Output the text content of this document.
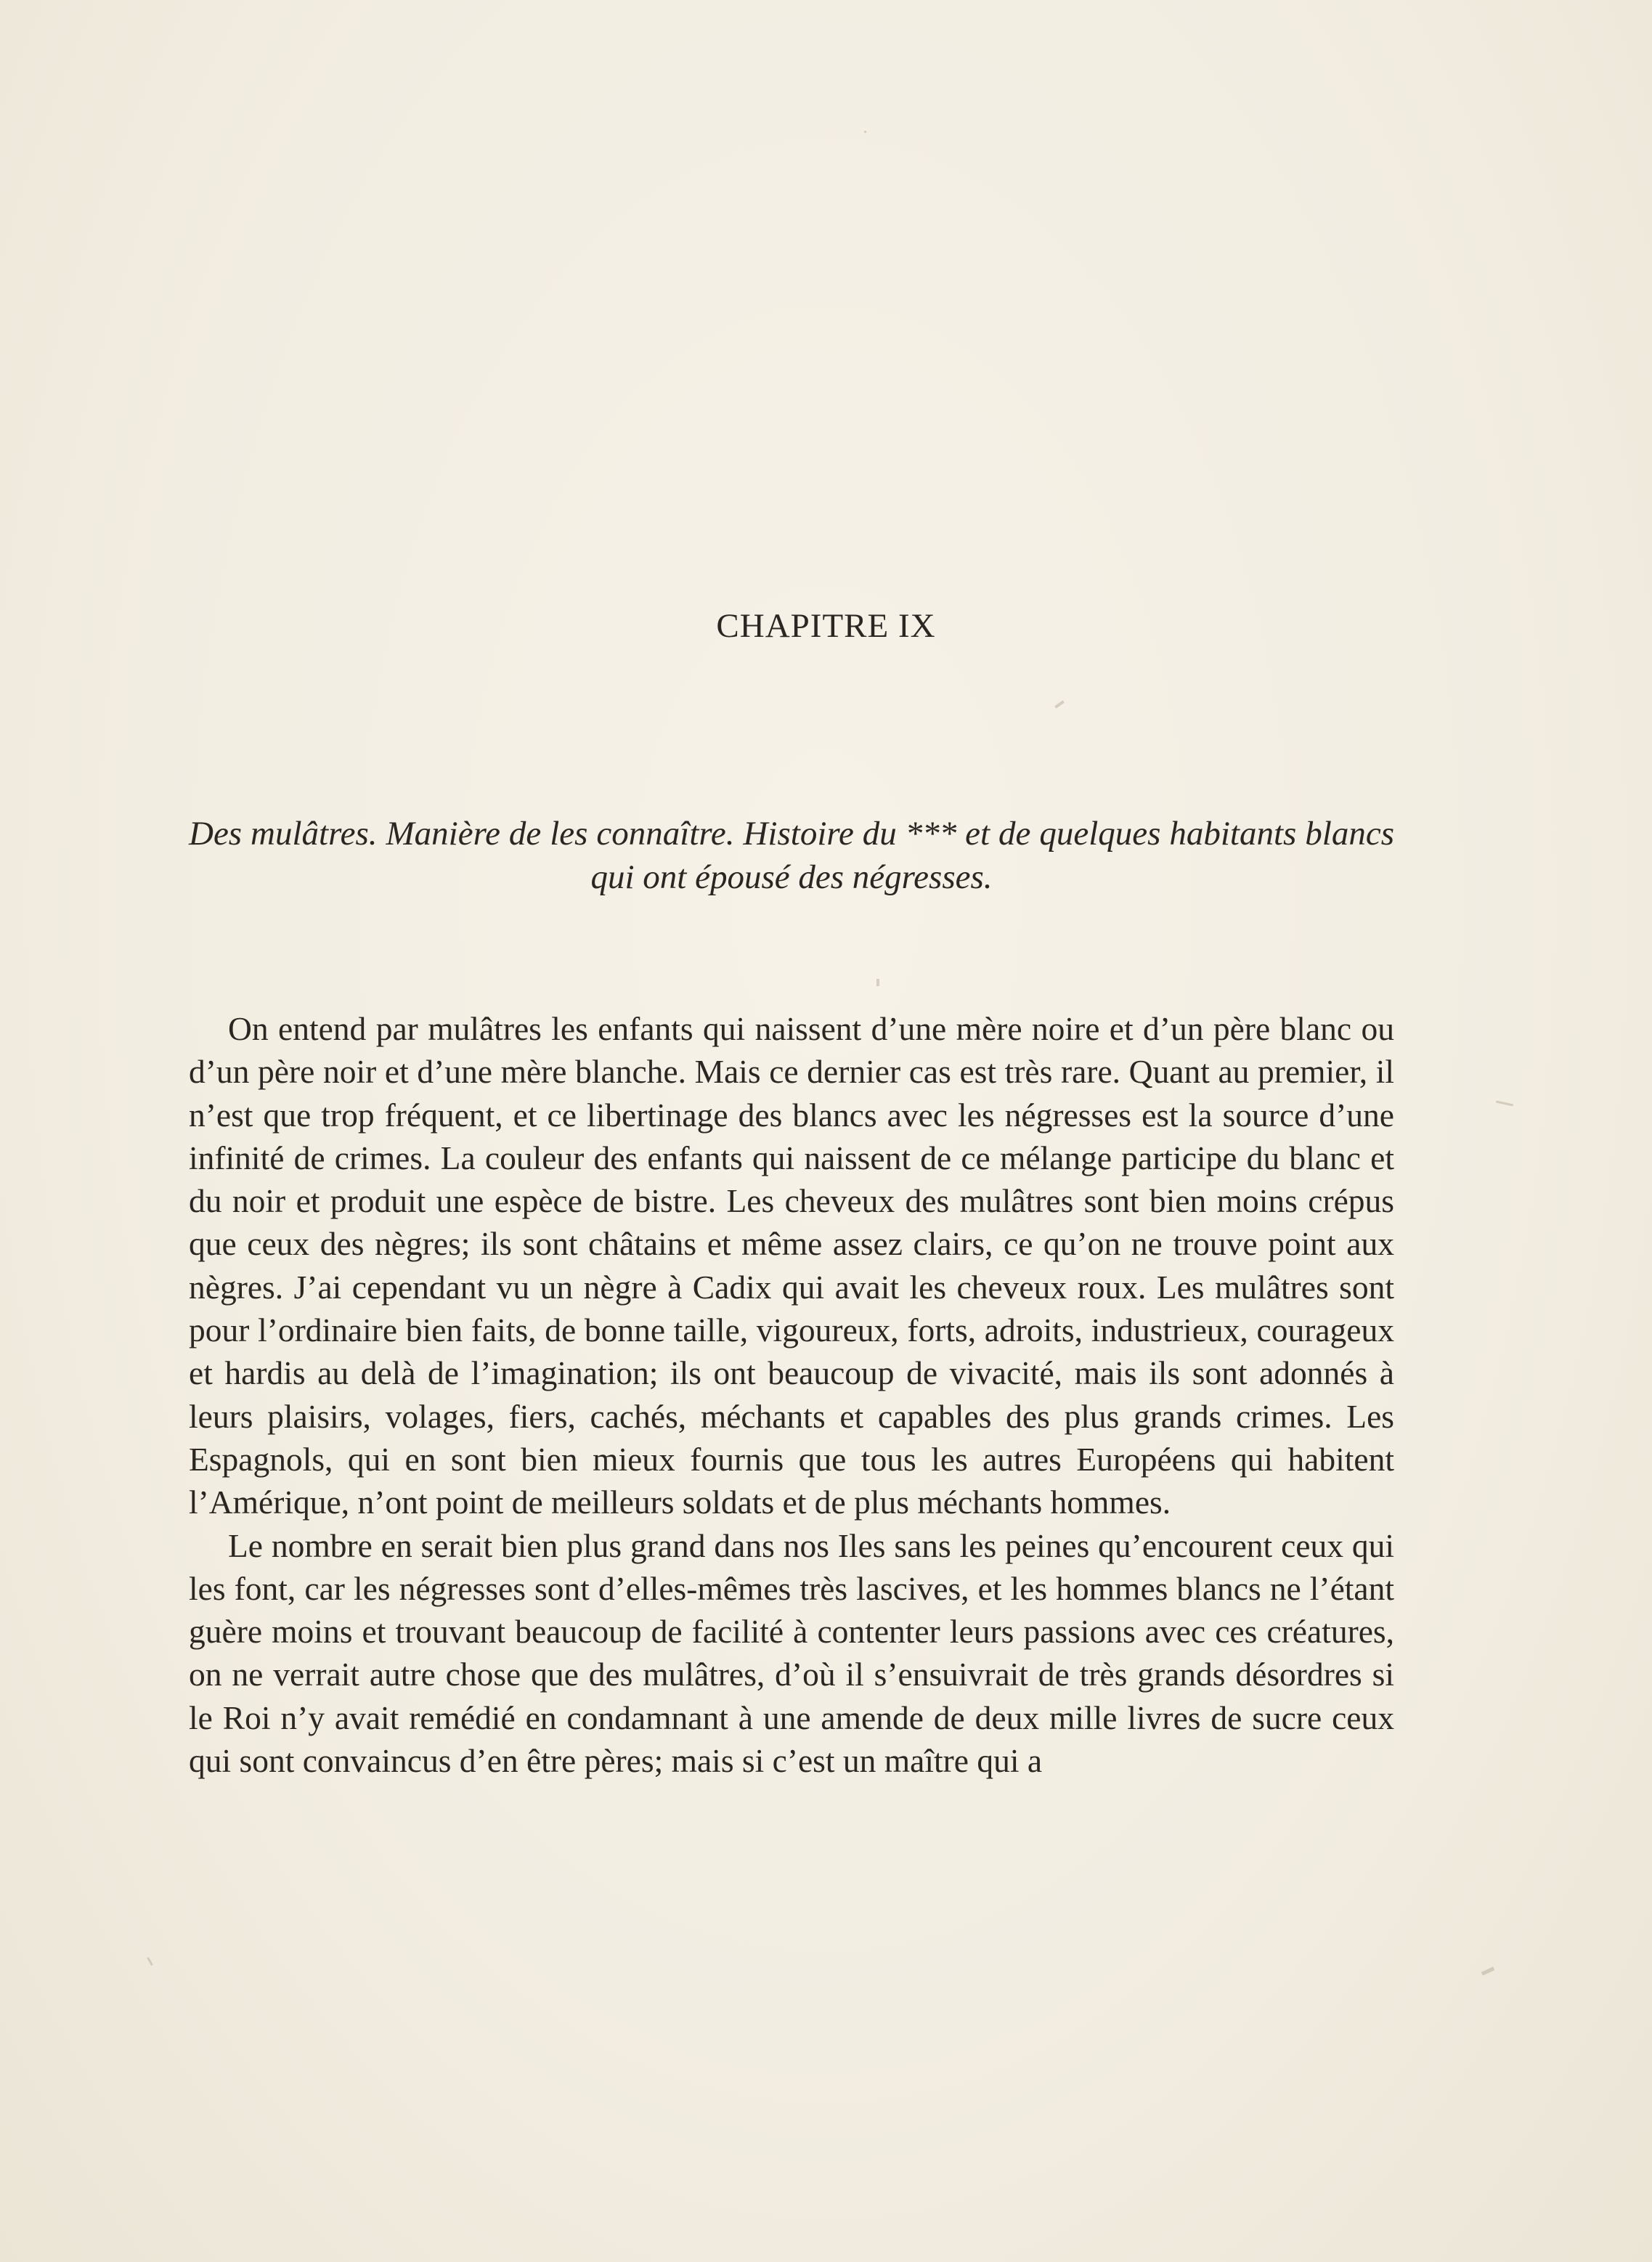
CHAPITRE IX

Des mulâtres. Manière de les connaître. Histoire du *** et de quelques habitants blancs qui ont épousé des négresses.

On entend par mulâtres les enfants qui naissent d’une mère noire et d’un père blanc ou d’un père noir et d’une mère blanche. Mais ce dernier cas est très rare. Quant au premier, il n’est que trop fréquent, et ce libertinage des blancs avec les négresses est la source d’une infinité de crimes. La couleur des enfants qui naissent de ce mélange participe du blanc et du noir et produit une espèce de bistre. Les cheveux des mulâtres sont bien moins crépus que ceux des nègres; ils sont châtains et même assez clairs, ce qu’on ne trouve point aux nègres. J’ai cependant vu un nègre à Cadix qui avait les cheveux roux. Les mulâtres sont pour l’ordinaire bien faits, de bonne taille, vigoureux, forts, adroits, industrieux, courageux et hardis au delà de l’imagination; ils ont beaucoup de vivacité, mais ils sont adonnés à leurs plaisirs, volages, fiers, cachés, méchants et capables des plus grands crimes. Les Espagnols, qui en sont bien mieux fournis que tous les autres Européens qui habitent l’Amérique, n’ont point de meilleurs soldats et de plus méchants hommes.

Le nombre en serait bien plus grand dans nos Iles sans les peines qu’encourent ceux qui les font, car les négresses sont d’elles-mêmes très lascives, et les hommes blancs ne l’étant guère moins et trouvant beaucoup de facilité à contenter leurs passions avec ces créatures, on ne verrait autre chose que des mulâtres, d’où il s’ensuivrait de très grands désordres si le Roi n’y avait remédié en condamnant à une amende de deux mille livres de sucre ceux qui sont convaincus d’en être pères; mais si c’est un maître qui a
